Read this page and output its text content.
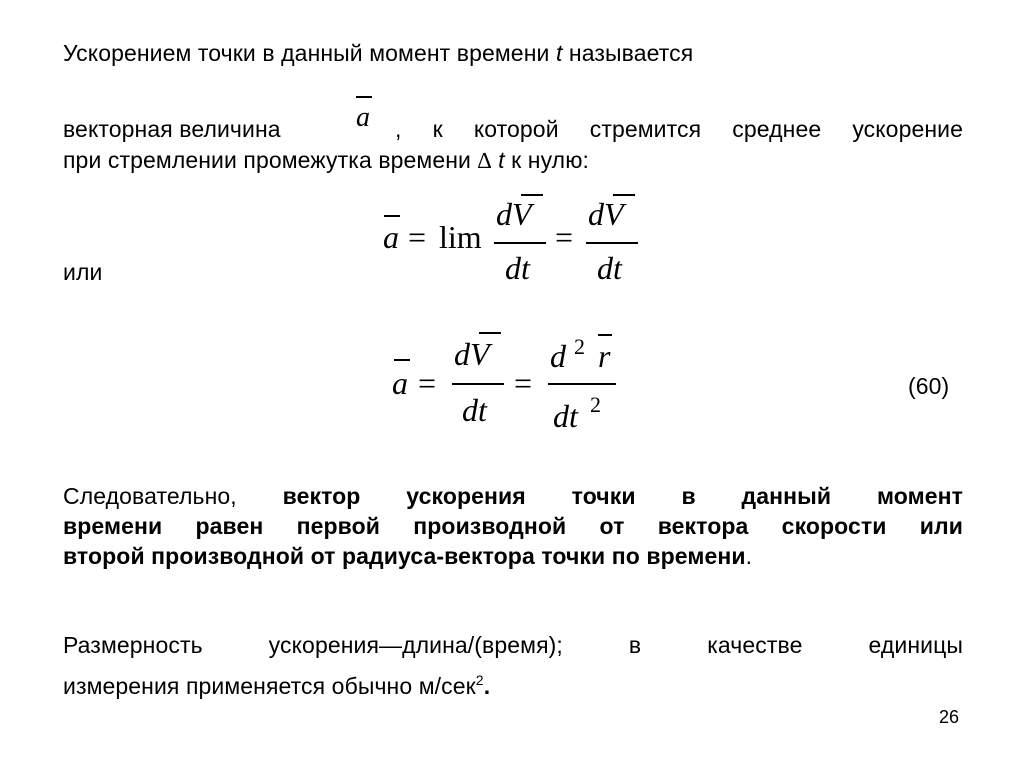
Ускорением точки в данный момент времени t называется
векторная величина	, к которой стремится среднее ускорение
a
при стремлении промежутка времени ∆ t к нулю:
a = lim
dV
dt
=
dV
dt
или
a =
dV
dt
=
d 2 r
dt 2
(60)
Следовательно, вектор ускорения точки в данный момент
времени равен первой производной от вектора скорости или
второй производной от радиуса-вектора точки по времени.
Размерность ускорения—длина/(время); в качестве единицы
измерения применяется обычно м/сек$^2$.
26
